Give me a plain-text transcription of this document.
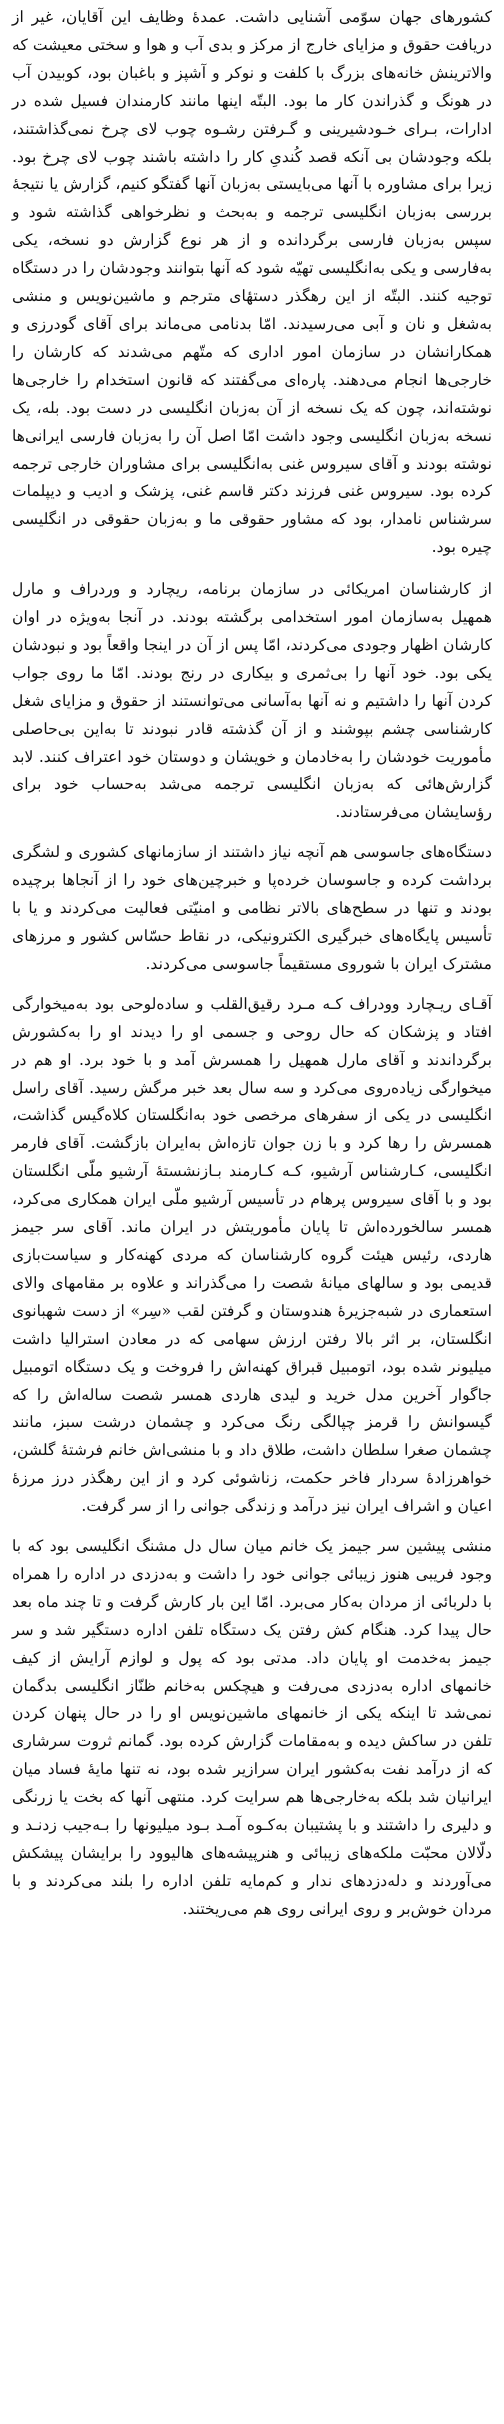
کشورهای جهان سوّمی آشنایی داشت. عمدهٔ وظایف این آقایان، غیر از دریافت حقوق و مزایای خارج از مرکز و بدی آب و هوا و سختی معیشت که والاترینش خانه‌های بزرگ با کلفت و نوکر و آشپز و باغبان بود، کوبیدن آب در هونگ و گذراندن کار ما بود. البتّه اینها مانند کارمندان فسیل شده در ادارات، بـرای خـودشیرینی و گـرفتن رشـوه چوب لای چرخ نمی‌گذاشتند، بلکه وجودشان بی آنکه قصد کُندیِ کار را داشته باشند چوب لای چرخ بود. زیرا برای مشاوره با آنها می‌بایستی به‌زبان آنها گفتگو کنیم، گزارش یا نتیجهٔ بررسی به‌زبان انگلیسی ترجمه و به‌بحث و نظرخواهی گذاشته شود و سپس به‌زبان فارسی برگردانده و از هر نوع گزارش دو نسخه، یکی به‌فارسی و یکی به‌انگلیسی تهیّه شود که آنها بتوانند وجودشان را در دستگاه توجیه کنند. البتّه از این رهگذر دستهٔای مترجم و ماشین‌نویس و منشی به‌شغل و نان و آبی می‌رسیدند. امّا بدنامی می‌ماند برای آقای گودرزی و همکارانشان در سازمان امور اداری که متّهم می‌شدند که کارشان را خارجی‌ها انجام می‌دهند. پاره‌ای می‌گفتند که قانون استخدام را خارجی‌ها نوشته‌اند، چون که یک نسخه از آن به‌زبان انگلیسی در دست بود. بله، یک نسخه به‌زبان انگلیسی وجود داشت امّا اصل آن را به‌زبان فارسی ایرانی‌ها نوشته بودند و آقای سیروس غنی به‌انگلیسی برای مشاوران خارجی ترجمه کرده بود. سیروس غنی فرزند دکتر قاسم غنی، پزشک و ادیب و دیپلمات سرشناس نامدار، بود که مشاور حقوقی ما و به‌زبان حقوقی در انگلیسی چیره بود.

از کارشناسان امریکائی در سازمان برنامه، ریچارد و وردراف و مارل همهیل به‌سازمان امور استخدامی برگشته بودند. در آنجا به‌ویژه در اوان کارشان اظهار وجودی می‌کردند، امّا پس از آن در اینجا واقعاً بود و نبودشان یکی بود. خود آنها را بی‌ثمری و بیکاری در رنج بودند. امّا ما روی جواب کردن آنها را داشتیم و نه آنها به‌آسانی می‌توانستند از حقوق و مزایای شغل کارشناسی چشم بپوشند و از آن گذشته قادر نبودند تا به‌این بی‌حاصلی مأموریت خودشان را به‌خادمان و خویشان و دوستان خود اعتراف کنند. لابد گزارش‌هائی که به‌زبان انگلیسی ترجمه می‌شد به‌حساب خود برای رؤسایشان می‌فرستادند.

دستگاه‌های جاسوسی هم آنچه نیاز داشتند از سازمانهای کشوری و لشگری برداشت کرده و جاسوسان خرده‌پا و خبرچین‌های خود را از آنجاها برچیده بودند و تنها در سطح‌های بالاتر نظامی و امنیّتی فعالیت می‌کردند و یا با تأسیس پایگاه‌های خبرگیری الکترونیکی، در نقاط حسّاس کشور و مرزهای مشترک ایران با شوروی مستقیماً جاسوسی می‌کردند.

آقـای ریـچارد وودراف کـه مـرد رقیق‌القلب و ساده‌لوحی بود به‌میخوارگی افتاد و پزشکان که حال روحی و جسمی او را دیدند او را به‌کشورش برگرداندند و آقای مارل همهیل را همسرش آمد و با خود برد. او هم در میخوارگی زیاده‌روی می‌کرد و سه سال بعد خبر مرگش رسید. آقای راسل انگلیسی در یکی از سفرهای مرخصی خود به‌انگلستان کلاه‌گیس گذاشت، همسرش را رها کرد و با زن جوان تازه‌اش به‌ایران بازگشت. آقای فارمر انگلیسی، کـارشناس آرشیو، کـه کـارمند بـازنشستهٔ آرشیو ملّی انگلستان بود و با آقای سیروس پرهام در تأسیس آرشیو ملّی ایران همکاری می‌کرد، همسر سالخورده‌اش تا پایان مأموریتش در ایران ماند. آقای سر جیمز هاردی، رئیس هیئت گروه کارشناسان که مردی کهنه‌کار و سیاست‌بازی قدیمی بود و سالهای میانهٔ شصت را می‌گذراند و علاوه بر مقامهای والای استعماری در شبه‌جزیرهٔ هندوستان و گرفتن لقب «سِر» از دست شهبانوی انگلستان، بر اثر بالا رفتن ارزش سهامی که در معادن استرالیا داشت میلیونر شده بود، اتومبیل قبراق کهنه‌اش را فروخت و یک دستگاه اتومبیل جاگوار آخرین مدل خرید و لیدی هاردی همسر شصت ساله‌اش را که گیسوانش را قرمز چپالگی رنگ می‌کرد و چشمان درشت سبز، مانند چشمان صغرا سلطان داشت، طلاق داد و با منشی‌اش خانم فرشتهٔ گلشن، خواهرزادهٔ سردار فاخر حکمت، زناشوئی کرد و از این رهگذر درز مرزهٔ اعیان و اشراف ایران نیز درآمد و زندگی جوانی را از سر گرفت.

منشی پیشین سر جیمز یک خانم میان سال دل مشنگ انگلیسی بود که با وجود فریبی هنوز زیبائی جوانی خود را داشت و به‌دزدی در اداره را همراه با دلربائی از مردان به‌کار می‌برد. امّا این بار کارش گرفت و تا چند ماه بعد حال پیدا کرد. هنگام کش رفتن یک دستگاه تلفن اداره دستگیر شد و سر جیمز به‌خدمت او پایان داد. مدتی بود که پول و لوازم آرایش از کیف خانمهای اداره به‌دزدی می‌رفت و هیچکس به‌خانم ظنّاز انگلیسی بدگمان نمی‌شد تا اینکه یکی از خانمهای ماشین‌نویس او را در حال پنهان کردن تلفن در ساکش دیده و به‌مقامات گزارش کرده بود. گمانم ثروت سرشاری که از درآمد نفت به‌کشور ایران سرازیر شده بود، نه تنها مایهٔ فساد میان ایرانیان شد بلکه به‌خارجی‌ها هم سرایت کرد. منتهی آنها که بخت یا زرنگی و دلیری را داشتند و با پشتیبان به‌کـوه آمـد بـود میلیونها را بـه‌جیب زدنـد و دلّالان محبّت ملکه‌های زیبائی و هنرپیشه‌های هالیوود را برایشان پیشکش می‌آوردند و دله‌دزدهای ندار و کم‌مایه تلفن اداره را بلند می‌کردند و با مردان خوش‌بر و روی ایرانی روی هم می‌ریختند.
